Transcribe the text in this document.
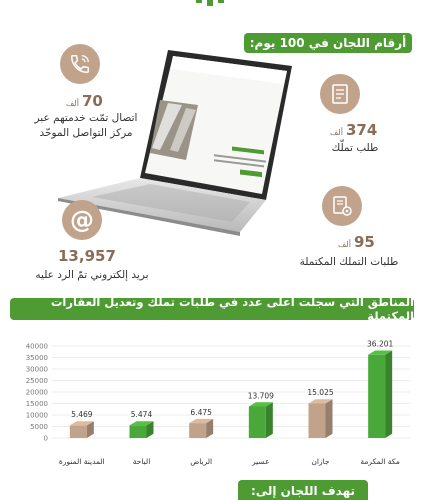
أرقام اللجان في 100 يوم:
70ألف
اتصال تمّت خدمتهم عبر
مركز التواصل الموحّد
@
13,957
بريد إلكتروني تمّ الرد عليه
374ألف
طلب تملّك
95ألف
طلبات التملك المكتملة
المناطق التي سجلت أعلى عدد في طلبات تملك وتعديل العقارات المكتملة
0
5000
10000
15000
20000
25000
30000
35000
40000
5.469
المدينة المنورة
5.474
الباحة
6.475
الرياض
13.709
عسير
15.025
جازان
36.201
مكة المكرمة
تهدف اللجان إلى:
